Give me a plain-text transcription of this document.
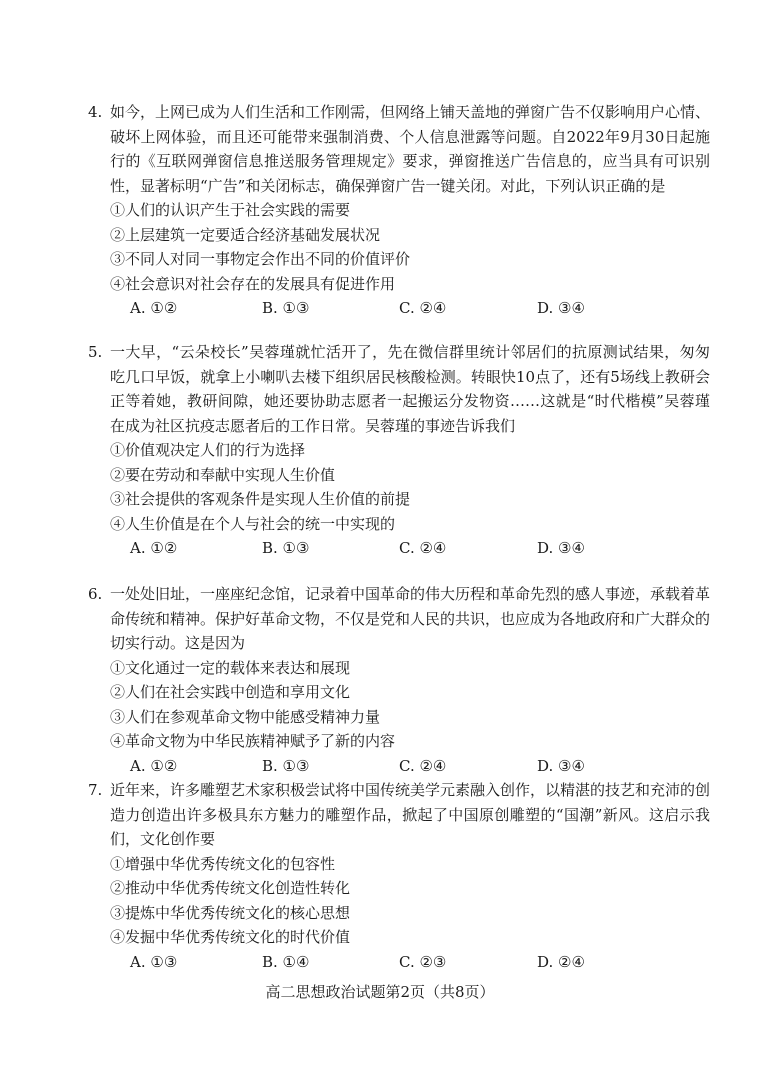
4. 如今，上网已成为人们生活和工作刚需，但网络上铺天盖地的弹窗广告不仅影响用户心情、破坏上网体验，而且还可能带来强制消费、个人信息泄露等问题。自2022年9月30日起施行的《互联网弹窗信息推送服务管理规定》要求，弹窗推送广告信息的，应当具有可识别性，显著标明“广告”和关闭标志，确保弹窗广告一键关闭。对此，下列认识正确的是

①人们的认识产生于社会实践的需要

②上层建筑一定要适合经济基础发展状况

③不同人对同一事物定会作出不同的价值评价

④社会意识对社会存在的发展具有促进作用

A. ①②	B. ①③	C. ②④	D. ③④
5. 一大早，“云朵校长”吴蓉瑾就忙活开了，先在微信群里统计邻居们的抗原测试结果，匆匆吃几口早饭，就拿上小喇叭去楼下组织居民核酸检测。转眼快10点了，还有5场线上教研会正等着她，教研间隙，她还要协助志愿者一起搬运分发物资……这就是“时代楷模”吴蓉瑾在成为社区抗疫志愿者后的工作日常。吴蓉瑾的事迹告诉我们

①价值观决定人们的行为选择

②要在劳动和奉献中实现人生价值

③社会提供的客观条件是实现人生价值的前提

④人生价值是在个人与社会的统一中实现的

A. ①②	B. ①③	C. ②④	D. ③④
6. 一处处旧址，一座座纪念馆，记录着中国革命的伟大历程和革命先烈的感人事迹，承载着革命传统和精神。保护好革命文物，不仅是党和人民的共识，也应成为各地政府和广大群众的切实行动。这是因为

①文化通过一定的载体来表达和展现

②人们在社会实践中创造和享用文化

③人们在参观革命文物中能感受精神力量

④革命文物为中华民族精神赋予了新的内容

A. ①②	B. ①③	C. ②④	D. ③④
7. 近年来，许多雕塑艺术家积极尝试将中国传统美学元素融入创作，以精湛的技艺和充沛的创造力创造出许多极具东方魅力的雕塑作品，掀起了中国原创雕塑的“国潮”新风。这启示我们，文化创作要

①增强中华优秀传统文化的包容性

②推动中华优秀传统文化创造性转化

③提炼中华优秀传统文化的核心思想

④发掘中华优秀传统文化的时代价值

A. ①③	B. ①④	C. ②③	D. ②④
高二思想政治试题第2页（共8页）
